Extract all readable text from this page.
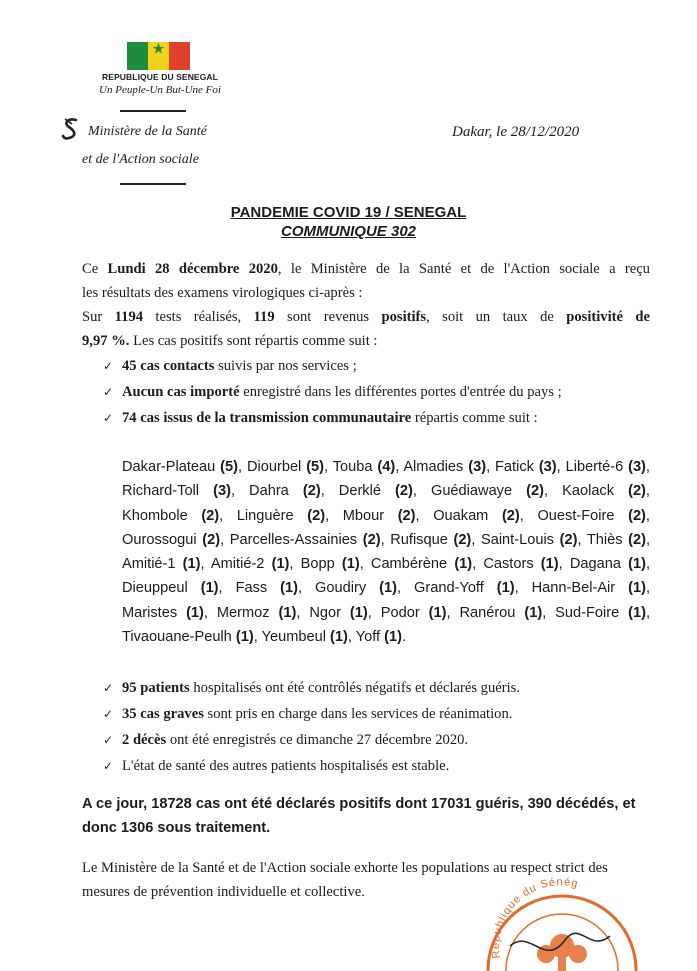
★
REPUBLIQUE DU SENEGAL
Un Peuple-Un But-Une Foi
Ministère de la Santé
et de l'Action sociale
Dakar, le 28/12/2020
PANDEMIE COVID 19 / SENEGAL
COMMUNIQUE 302
Ce Lundi 28 décembre 2020, le Ministère de la Santé et de l'Action sociale a reçu
les résultats des examens virologiques ci-après :
Sur 1194 tests réalisés, 119 sont revenus positifs, soit un taux de positivité de
9,97 %. Les cas positifs sont répartis comme suit :
✓ 45 cas contacts suivis par nos services ;
✓ Aucun cas importé enregistré dans les différentes portes d'entrée du pays ;
✓ 74 cas issus de la transmission communautaire répartis comme suit :
Dakar-Plateau (5), Diourbel (5), Touba (4), Almadies (3), Fatick (3), Liberté-6 (3), Richard-Toll (3), Dahra (2), Derklé (2), Guédiawaye (2), Kaolack (2), Khombole (2), Linguère (2), Mbour (2), Ouakam (2), Ouest-Foire (2), Ourossogui (2), Parcelles-Assainies (2), Rufisque (2), Saint-Louis (2), Thiès (2), Amitié-1 (1), Amitié-2 (1), Bopp (1), Cambérène (1), Castors (1), Dagana (1), Dieuppeul (1), Fass (1), Goudiry (1), Grand-Yoff (1), Hann-Bel-Air (1), Maristes (1), Mermoz (1), Ngor (1), Podor (1), Ranérou (1), Sud-Foire (1), Tivaouane-Peulh (1), Yeumbeul (1), Yoff (1).
✓ 95 patients hospitalisés ont été contrôlés négatifs et déclarés guéris.
✓ 35 cas graves sont pris en charge dans les services de réanimation.
✓ 2 décès ont été enregistrés ce dimanche 27 décembre 2020.
✓ L'état de santé des autres patients hospitalisés est stable.
A ce jour, 18728 cas ont été déclarés positifs dont 17031 guéris, 390 décédés, et donc 1306 sous traitement.
Le Ministère de la Santé et de l'Action sociale exhorte les populations au respect strict des mesures de prévention individuelle et collective.
République du Sénég
